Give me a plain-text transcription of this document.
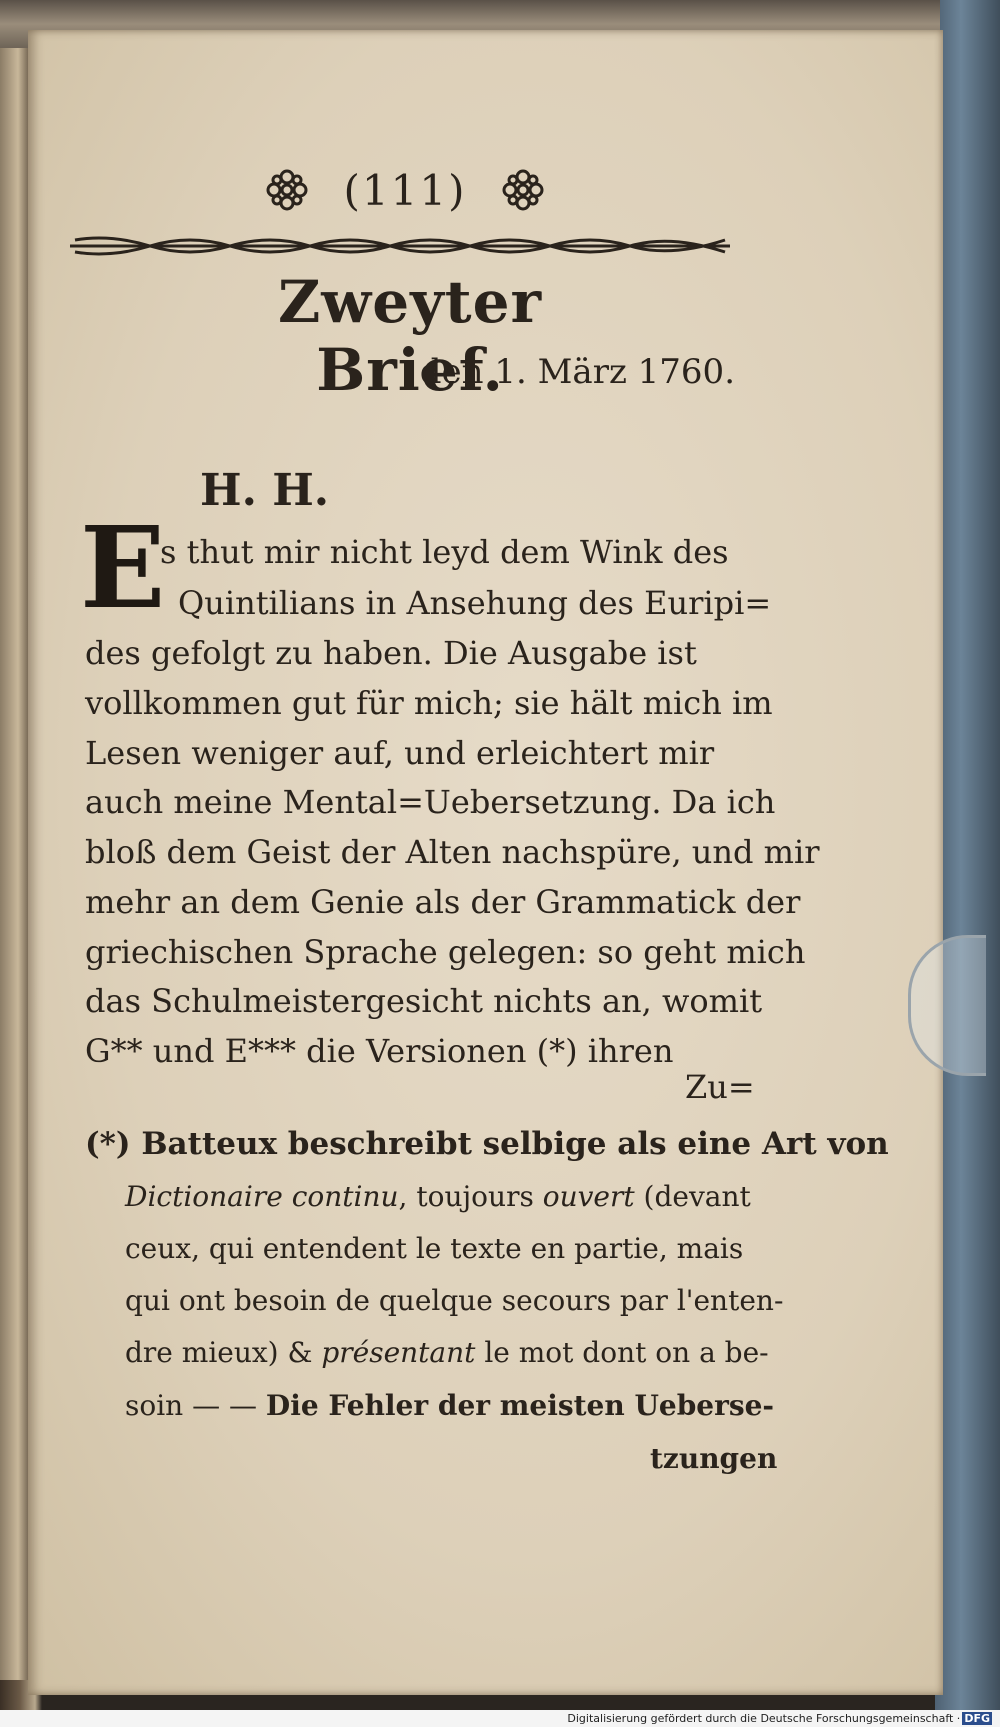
(111)
Zweyter Brief.
den 1. März 1760.
H. H.
E
s thut mir nicht leyd dem Wink des
Quintilians in Ansehung des Euripi=
des gefolgt zu haben. Die Ausgabe ist
vollkommen gut für mich; sie hält mich im
Lesen weniger auf, und erleichtert mir
auch meine Mental=Uebersetzung. Da ich
bloß dem Geist der Alten nachspüre, und mir
mehr an dem Genie als der Grammatick der
griechischen Sprache gelegen: so geht mich
das Schulmeistergesicht nichts an, womit
G** und E*** die Versionen (*) ihren
Zu=
(*) Batteux beschreibt selbige als eine Art von
Dictionaire continu, toujours ouvert (devant
ceux, qui entendent le texte en partie, mais
qui ont besoin de quelque secours par l'enten-
dre mieux) & présentant le mot dont on a be-
soin — — Die Fehler der meisten Ueberse-
tzungen
Digitalisierung gefördert durch die Deutsche Forschungsgemeinschaft · DFG
